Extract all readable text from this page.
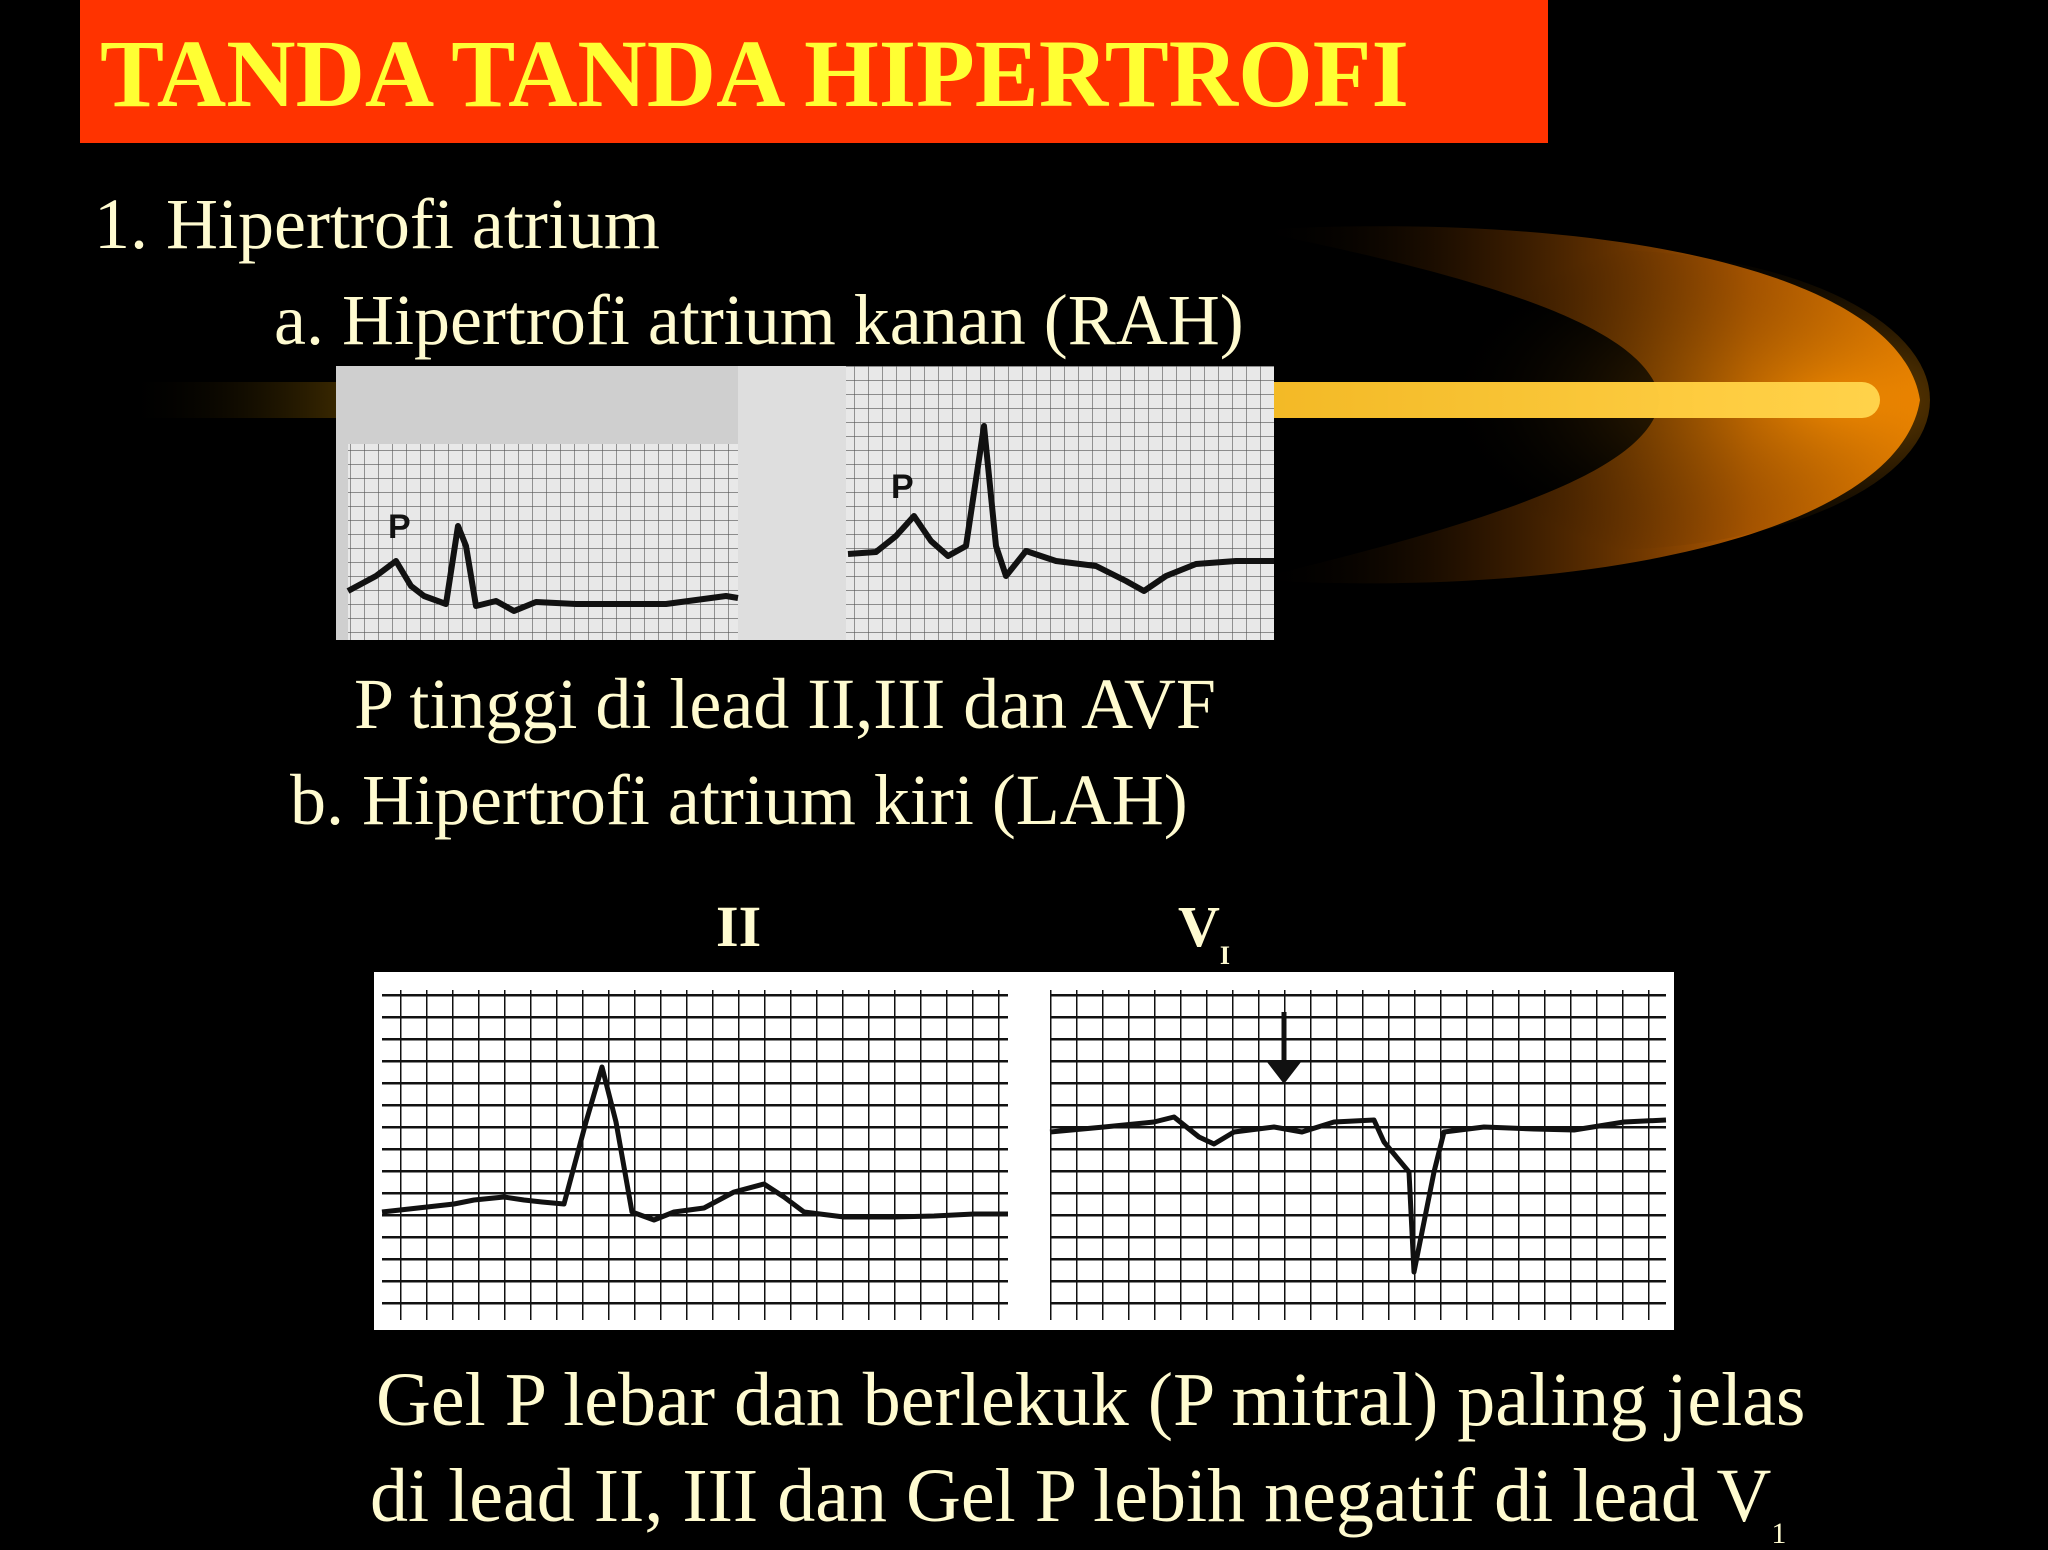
TANDA TANDA HIPERTROFI
1. Hipertrofi atrium
a. Hipertrofi atrium kanan (RAH)
P
P
P tinggi di lead II,III dan AVF
b. Hipertrofi atrium kiri (LAH)
II	$V_I$
Gel P lebar dan berlekuk (P mitral) paling jelas
di lead II, III dan Gel P lebih negatif di lead $V_1$
